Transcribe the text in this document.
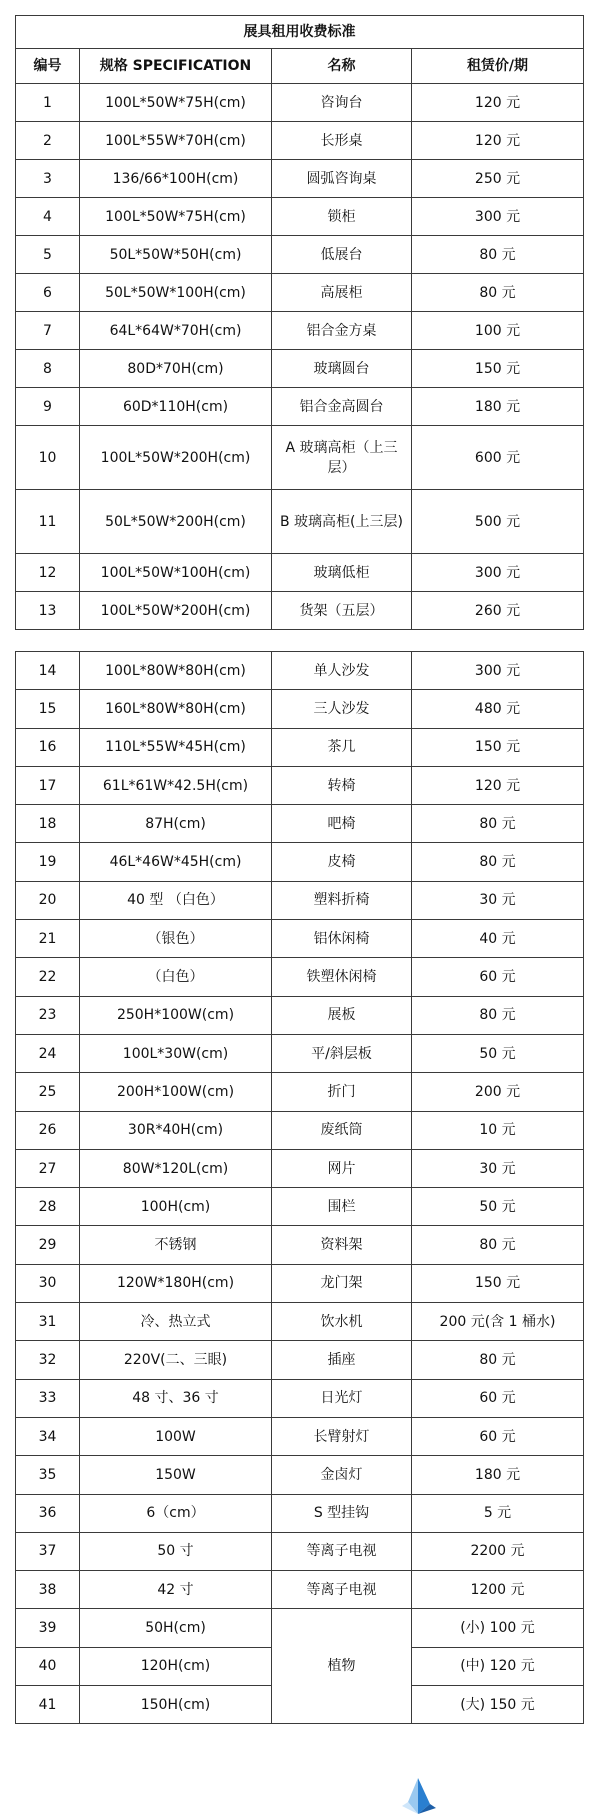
展具租用收费标准			
编号	规格 SPECIFICATION	名称	租赁价/期
1	100L*50W*75H(cm)	咨询台	120 元
2	100L*55W*70H(cm)	长形桌	120 元
3	136/66*100H(cm)	圆弧咨询桌	250 元
4	100L*50W*75H(cm)	锁柜	300 元
5	50L*50W*50H(cm)	低展台	80 元
6	50L*50W*100H(cm)	高展柜	80 元
7	64L*64W*70H(cm)	铝合金方桌	100 元
8	80D*70H(cm)	玻璃圆台	150 元
9	60D*110H(cm)	铝合金高圆台	180 元
10	100L*50W*200H(cm)	A 玻璃高柜（上三层）	600 元
11	50L*50W*200H(cm)	B 玻璃高柜(上三层)	500 元
12	100L*50W*100H(cm)	玻璃低柜	300 元
13	100L*50W*200H(cm)	货架（五层）	260 元
14	100L*80W*80H(cm)	单人沙发	300 元
15	160L*80W*80H(cm)	三人沙发	480 元
16	110L*55W*45H(cm)	茶几	150 元
17	61L*61W*42.5H(cm)	转椅	120 元
18	87H(cm)	吧椅	80 元
19	46L*46W*45H(cm)	皮椅	80 元
20	40 型 （白色）	塑料折椅	30 元
21	（银色）	铝休闲椅	40 元
22	（白色）	铁塑休闲椅	60 元
23	250H*100W(cm)	展板	80 元
24	100L*30W(cm)	平/斜层板	50 元
25	200H*100W(cm)	折门	200 元
26	30R*40H(cm)	废纸筒	10 元
27	80W*120L(cm)	网片	30 元
28	100H(cm)	围栏	50 元
29	不锈钢	资料架	80 元
30	120W*180H(cm)	龙门架	150 元
31	冷、热立式	饮水机	200 元(含 1 桶水)
32	220V(二、三眼)	插座	80 元
33	48 寸、36 寸	日光灯	60 元
34	100W	长臂射灯	60 元
35	150W	金卤灯	180 元
36	6（cm）	S 型挂钩	5 元
37	50 寸	等离子电视	2200 元
38	42 寸	等离子电视	1200 元
39	50H(cm)	植物	(小) 100 元
40	120H(cm)		(中) 120 元
41	150H(cm)		(大) 150 元
